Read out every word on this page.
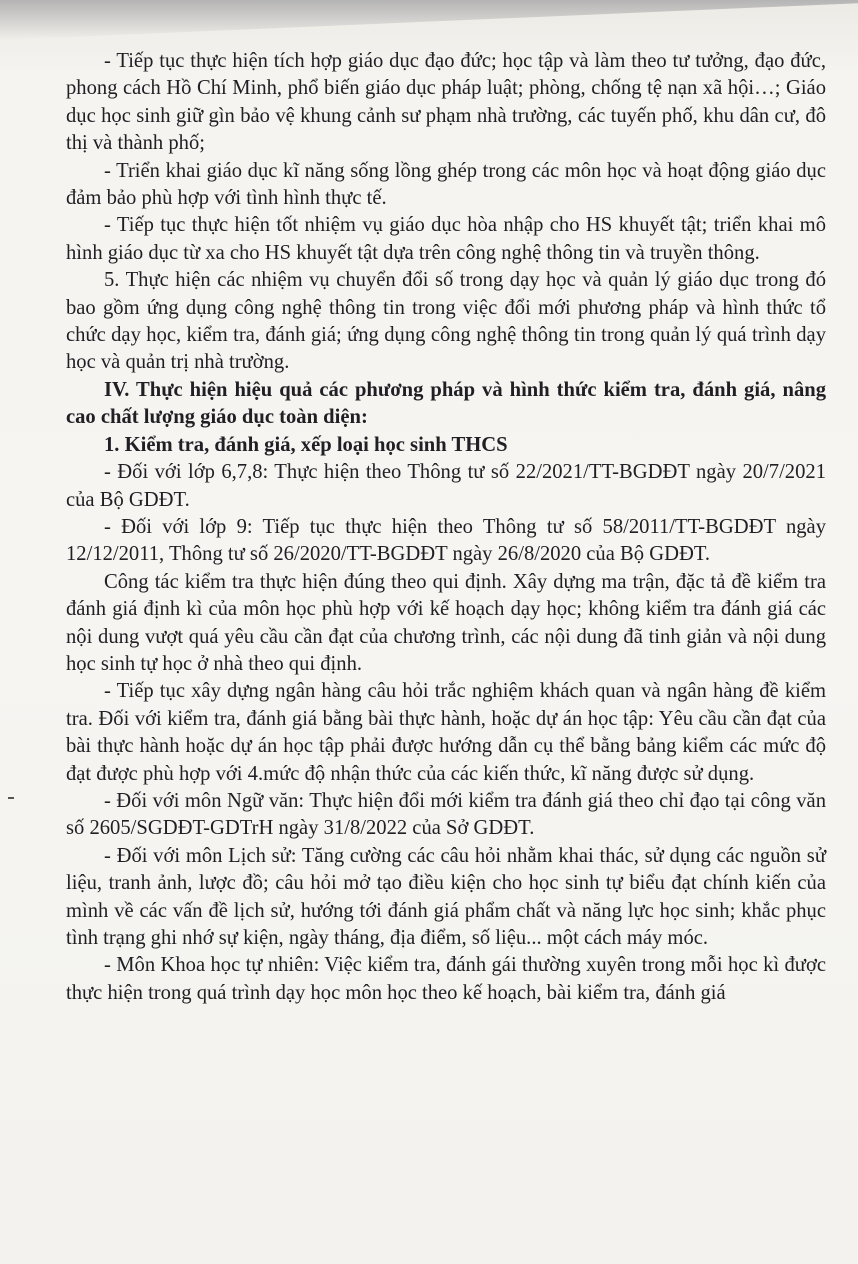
- Tiếp tục thực hiện tích hợp giáo dục đạo đức; học tập và làm theo tư tưởng, đạo đức, phong cách Hồ Chí Minh, phổ biến giáo dục pháp luật; phòng, chống tệ nạn xã hội…; Giáo dục học sinh giữ gìn bảo vệ khung cảnh sư phạm nhà trường, các tuyến phố, khu dân cư, đô thị và thành phố;

- Triển khai giáo dục kĩ năng sống lồng ghép trong các môn học và hoạt động giáo dục đảm bảo phù hợp với tình hình thực tế.

- Tiếp tục thực hiện tốt nhiệm vụ giáo dục hòa nhập cho HS khuyết tật; triển khai mô hình giáo dục từ xa cho HS khuyết tật dựa trên công nghệ thông tin và truyền thông.

5. Thực hiện các nhiệm vụ chuyển đổi số trong dạy học và quản lý giáo dục trong đó bao gồm ứng dụng công nghệ thông tin trong việc đổi mới phương pháp và hình thức tổ chức dạy học, kiểm tra, đánh giá; ứng dụng công nghệ thông tin trong quản lý quá trình dạy học và quản trị nhà trường.

IV. Thực hiện hiệu quả các phương pháp và hình thức kiểm tra, đánh giá, nâng cao chất lượng giáo dục toàn diện:

1. Kiểm tra, đánh giá, xếp loại học sinh THCS

- Đối với lớp 6,7,8: Thực hiện theo Thông tư số 22/2021/TT-BGDĐT ngày 20/7/2021 của Bộ GDĐT.

- Đối với lớp 9: Tiếp tục thực hiện theo Thông tư số 58/2011/TT-BGDĐT ngày 12/12/2011, Thông tư số 26/2020/TT-BGDĐT ngày 26/8/2020 của Bộ GDĐT.

Công tác kiểm tra thực hiện đúng theo qui định. Xây dựng ma trận, đặc tả đề kiểm tra đánh giá định kì của môn học phù hợp với kế hoạch dạy học; không kiểm tra đánh giá các nội dung vượt quá yêu cầu cần đạt của chương trình, các nội dung đã tinh giản và nội dung học sinh tự học ở nhà theo qui định.

- Tiếp tục xây dựng ngân hàng câu hỏi trắc nghiệm khách quan và ngân hàng đề kiểm tra. Đối với kiểm tra, đánh giá bằng bài thực hành, hoặc dự án học tập: Yêu cầu cần đạt của bài thực hành hoặc dự án học tập phải được hướng dẫn cụ thể bằng bảng kiểm các mức độ đạt được phù hợp với 4.mức độ nhận thức của các kiến thức, kĩ năng được sử dụng.

- Đối với môn Ngữ văn: Thực hiện đổi mới kiểm tra đánh giá theo chỉ đạo tại công văn số 2605/SGDĐT-GDTrH ngày 31/8/2022 của Sở GDĐT.

- Đối với môn Lịch sử: Tăng cường các câu hỏi nhằm khai thác, sử dụng các nguồn sử liệu, tranh ảnh, lược đồ; câu hỏi mở tạo điều kiện cho học sinh tự biểu đạt chính kiến của mình về các vấn đề lịch sử, hướng tới đánh giá phẩm chất và năng lực học sinh; khắc phục tình trạng ghi nhớ sự kiện, ngày tháng, địa điểm, số liệu... một cách máy móc.

- Môn Khoa học tự nhiên: Việc kiểm tra, đánh gái thường xuyên trong mỗi học kì được thực hiện trong quá trình dạy học môn học theo kế hoạch, bài kiểm tra, đánh giá
